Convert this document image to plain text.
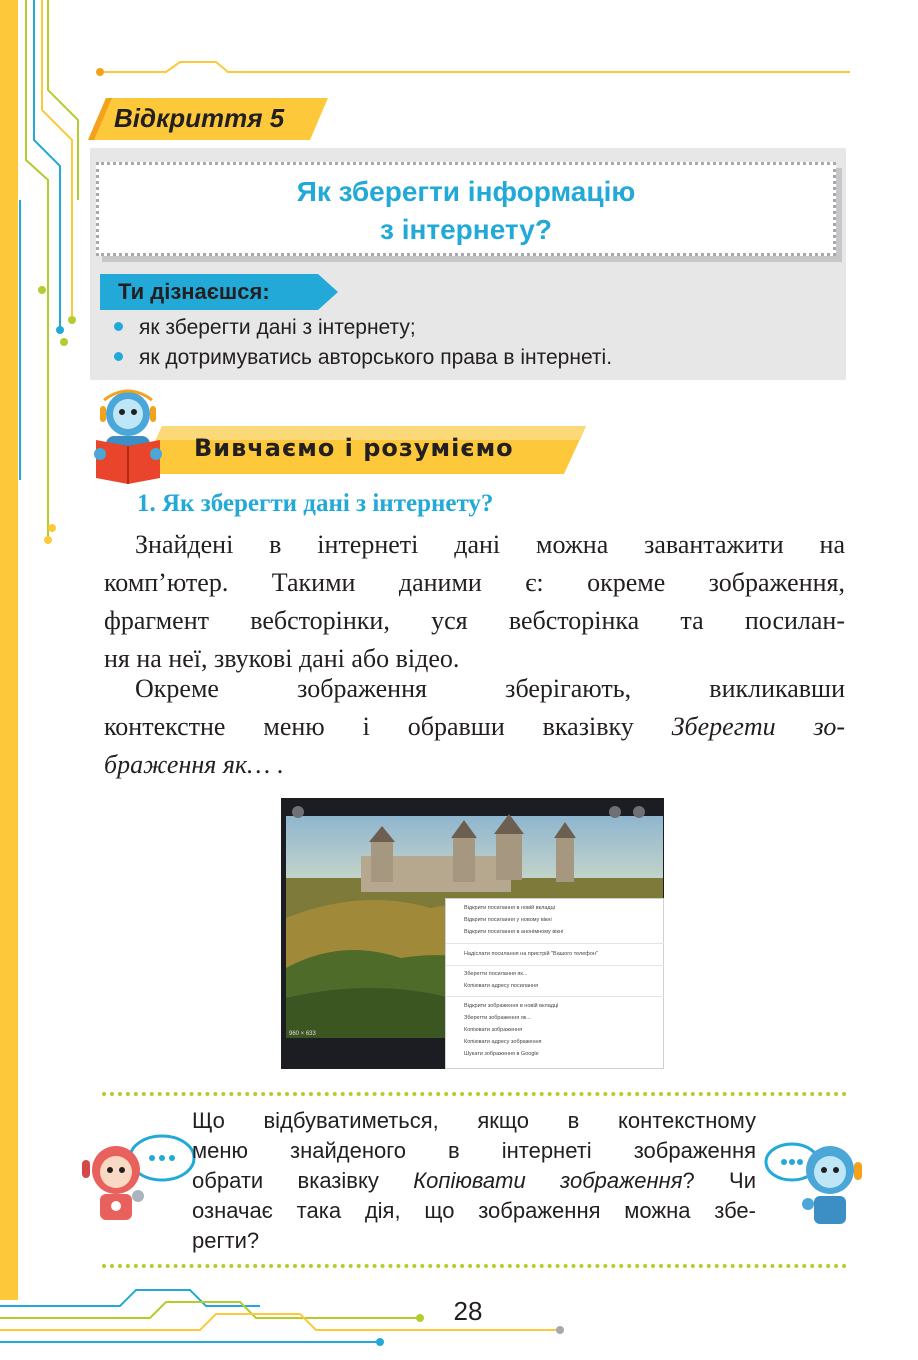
Відкриття 5
Як зберегти інформацію
з інтернету?
Ти дізнаєшся:
як зберегти дані з інтернету;
як дотримуватись авторського права в інтернеті.
Вивчаємо і розуміємо
1. Як зберегти дані з інтернету?
Знайдені в інтернеті дані можна завантажити на
комп’ютер. Такими даними є: окреме зображення,
фрагмент вебсторінки, уся вебсторінка та посилан-
ня на неї, звукові дані або відео.
Окреме зображення зберігають, викликавши
контекстне меню і обравши вказівку Зберегти зо-
браження як… .
960 × 633
Відкрити посилання в новій вкладці
Відкрити посилання у новому вікні
Відкрити посилання в анонімному вікні
Надіслати посилання на пристрій "Вашого телефон"
Зберегти посилання як...
Копіювати адресу посилання
Відкрити зображення в новій вкладці
Зберегти зображення як...
Копіювати зображення
Копіювати адресу зображення
Шукати зображення в Google
Що відбуватиметься, якщо в контекстному
меню знайденого в інтернеті зображення
обрати вказівку Копіювати зображення? Чи
означає така дія, що зображення можна збе-
регти?
28
